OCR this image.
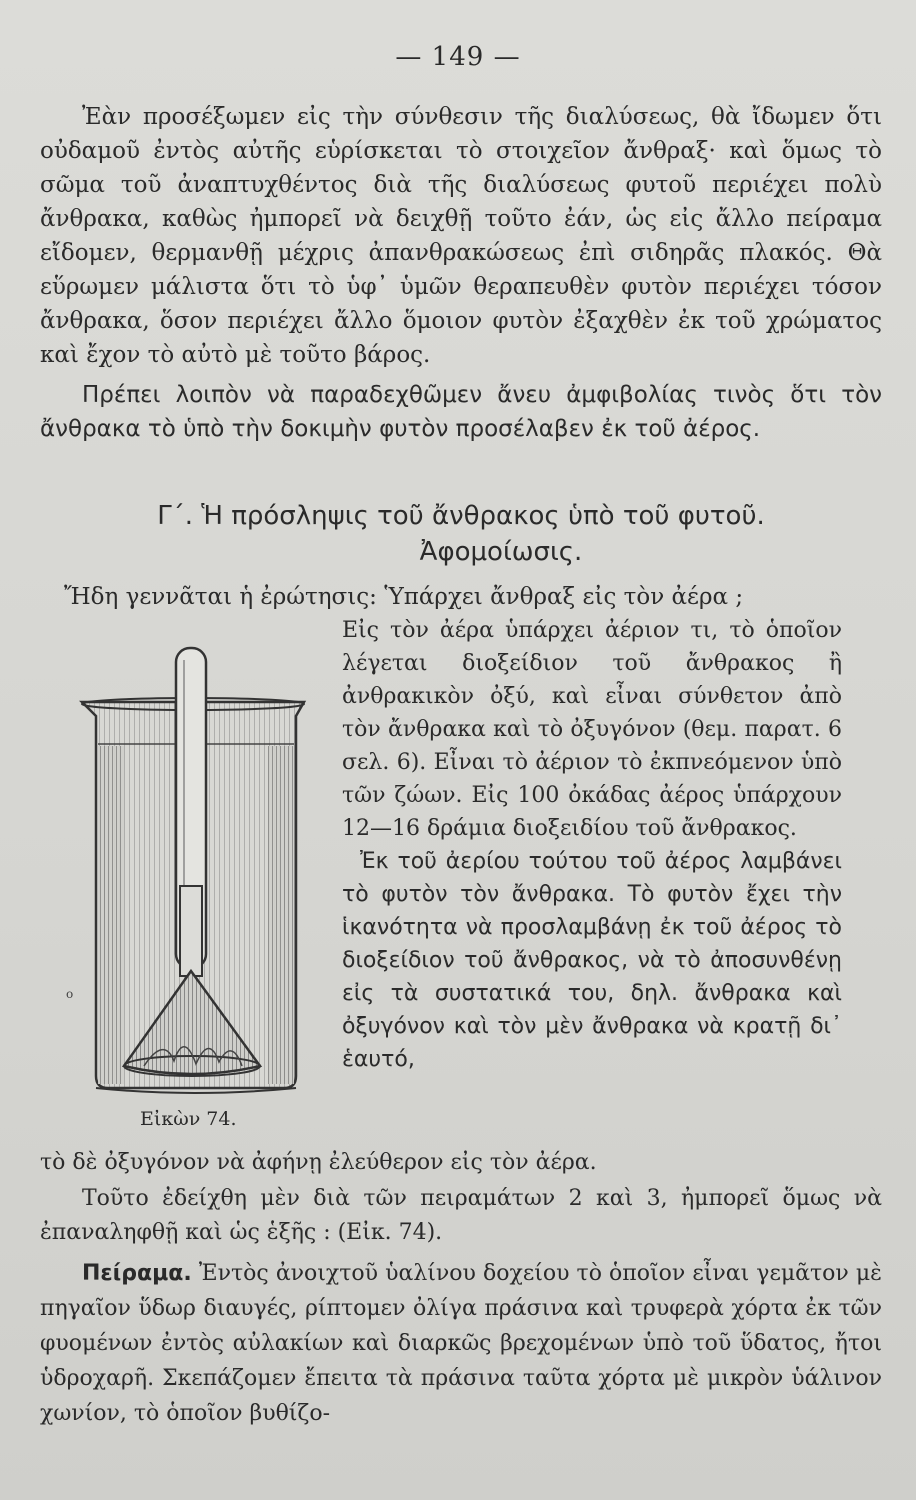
— 149 —

Ἐὰν προσέξωμεν εἰς τὴν σύνθεσιν τῆς διαλύσεως, θὰ ἴδωμεν ὅτι οὐδαμοῦ ἐντὸς αὐτῆς εὑρίσκεται τὸ στοιχεῖον ἄνθραξ· καὶ ὅμως τὸ σῶμα τοῦ ἀναπτυχθέντος διὰ τῆς διαλύσεως φυτοῦ περιέχει πολὺ ἄνθρακα, καθὼς ἠμπορεῖ νὰ δειχθῇ τοῦτο ἐάν, ὡς εἰς ἄλλο πείραμα εἴδομεν, θερμανθῇ μέχρις ἀπανθρακώσεως ἐπὶ σιδηρᾶς πλακός. Θὰ εὕρωμεν μάλιστα ὅτι τὸ ὑφ᾽ ὑμῶν θεραπευθὲν φυτὸν περιέχει τόσον ἄνθρακα, ὅσον περιέχει ἄλλο ὅμοιον φυτὸν ἐξαχθὲν ἐκ τοῦ χρώματος καὶ ἔχον τὸ αὐτὸ μὲ τοῦτο βάρος.

Πρέπει λοιπὸν νὰ παραδεχθῶμεν ἄνευ ἀμφιβολίας τινὸς ὅτι τὸν ἄνθρακα τὸ ὑπὸ τὴν δοκιμὴν φυτὸν προσέλαβεν ἐκ τοῦ ἀέρος.

Γ΄. Ἡ πρόσληψις τοῦ ἄνθρακος ὑπὸ τοῦ φυτοῦ.
Ἀφομοίωσις.
Ἤδη γεννᾶται ἡ ἐρώτησις: Ὑπάρχει ἄνθραξ εἰς τὸν ἀέρα ;
ο
Εἰκὼν 74.
Εἰς τὸν ἀέρα ὑπάρχει ἀέριον τι, τὸ ὁποῖον λέγεται διοξείδιον τοῦ ἄνθρακος ἢ ἀνθρακικὸν ὀξύ, καὶ εἶναι σύνθετον ἀπὸ τὸν ἄνθρακα καὶ τὸ ὀξυγόνον (θεμ. παρατ. 6 σελ. 6). Εἶναι τὸ ἀέριον τὸ ἐκπνεόμενον ὑπὸ τῶν ζώων. Εἰς 100 ὀκάδας ἀέρος ὑπάρχουν 12—16 δράμια διοξειδίου τοῦ ἄνθρακος.
Ἐκ τοῦ ἀερίου τούτου τοῦ ἀέρος λαμβάνει τὸ φυτὸν τὸν ἄνθρακα. Τὸ φυτὸν ἔχει τὴν ἱκανότητα νὰ προσλαμβάνῃ ἐκ τοῦ ἀέρος τὸ διοξείδιον τοῦ ἄνθρακος, νὰ τὸ ἀποσυνθένῃ εἰς τὰ συστατικά του, δηλ. ἄνθρακα καὶ ὀξυγόνον καὶ τὸν μὲν ἄνθρακα νὰ κρατῇ δι᾽ ἑαυτό,
τὸ δὲ ὀξυγόνον νὰ ἀφήνῃ ἐλεύθερον εἰς τὸν ἀέρα.

Τοῦτο ἐδείχθη μὲν διὰ τῶν πειραμάτων 2 καὶ 3, ἠμπορεῖ ὅμως νὰ ἐπαναληφθῇ καὶ ὡς ἑξῆς : (Εἰκ. 74).

Πείραμα. Ἐντὸς ἀνοιχτοῦ ὑαλίνου δοχείου τὸ ὁποῖον εἶναι γεμᾶτον μὲ πηγαῖον ὕδωρ διαυγές, ρίπτομεν ὀλίγα πράσινα καὶ τρυφερὰ χόρτα ἐκ τῶν φυομένων ἐντὸς αὐλακίων καὶ διαρκῶς βρεχομένων ὑπὸ τοῦ ὕδατος, ἤτοι ὑδροχαρῆ. Σκεπάζομεν ἔπειτα τὰ πράσινα ταῦτα χόρτα μὲ μικρὸν ὑάλινον χωνίον, τὸ ὁποῖον βυθίζο-
